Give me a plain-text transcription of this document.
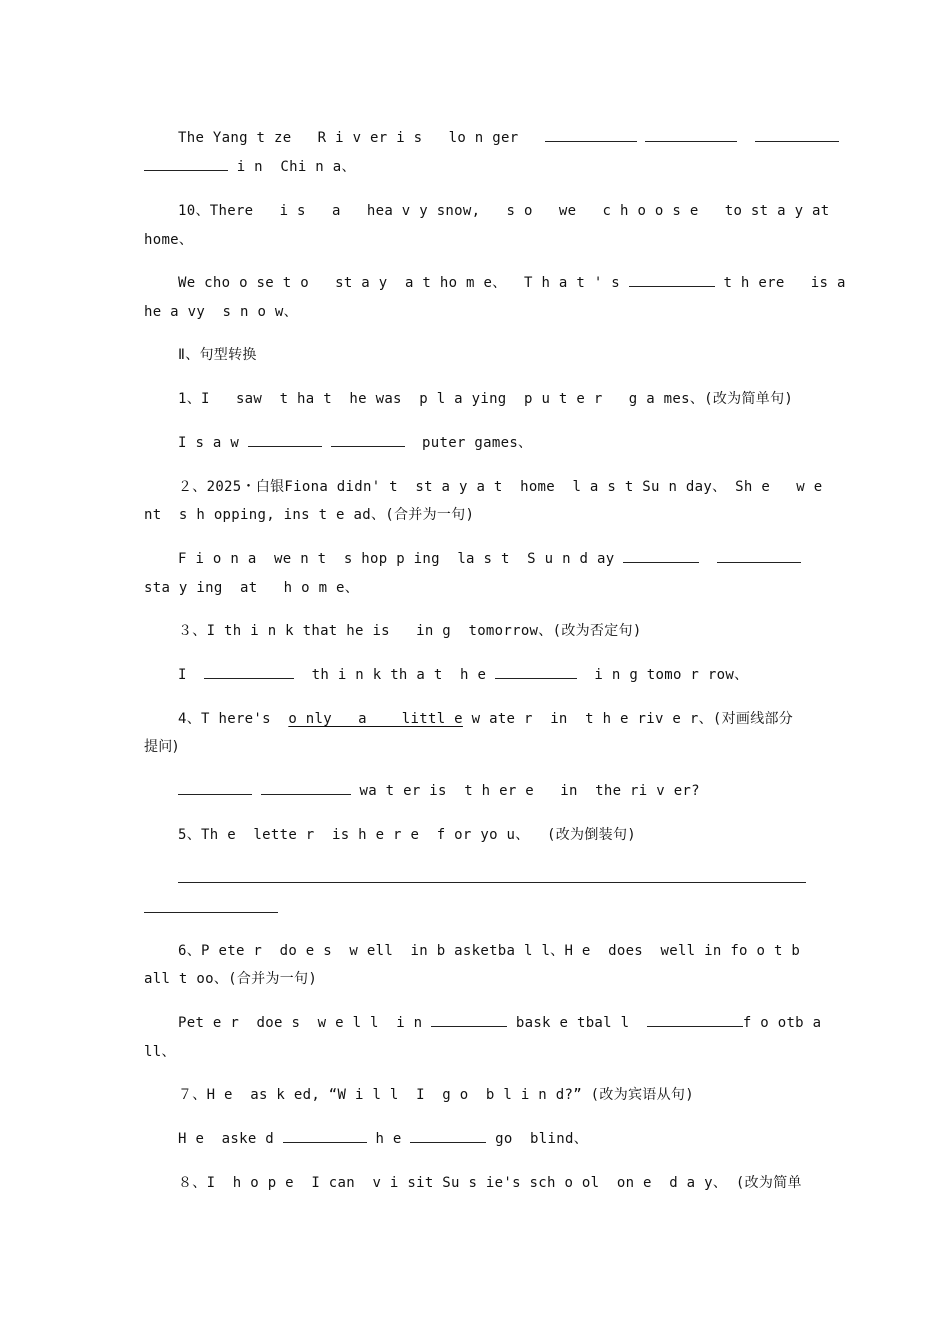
The Yang t ze   R i v er i s   lo n ger
i n  Chi n a、
10、There   i s   a   hea v y snow,   s o   we   c h o o s e   to st a y at
home、
We cho o se t o   st a y  a t ho m e、  T h a t ' s	t h ere   is a
he a vy  s n o w、
Ⅱ、句型转换
1、I   saw  t ha t  he was  p l a ying  p u t e r   g a mes、(改为简单句)
I s a w	puter games、
２、2025・白银Fiona didn' t  st a y a t  home  l a s t Su n day、 Sh e   w e
nt  s h opping, ins t e ad、(合并为一句)
F i o n a  we n t  s hop p ing  la s t  S u n d ay
sta y ing  at   h o m e、
３、I th i n k that he is   in g  tomorrow、(改为否定句)
I	th i n k th a t  h e	i n g tomo r row、
4、T here's  o nly   a    littl e w ate r  in  t h e riv e r、(对画线部分
提问)
wa t er is  t h er e   in  the ri v er?
5、Th e  lette r  is h e r e  f or yo u、  (改为倒装句)
6、P ete r  do e s  w ell  in b asketba l l、H e  does  well in fo o t b
all t oo、(合并为一句)
Pet e r  doe s  w e l l  i n	bask e tbal l	f o otb a
ll、
７、H e  as k ed, “W i l l  I  g o  b l i n d?” (改为宾语从句)
H e  aske d	h e	go  blind、
８、I  h o p e  I can  v i sit Su s ie's sch o ol  on e  d a y、 (改为简单
